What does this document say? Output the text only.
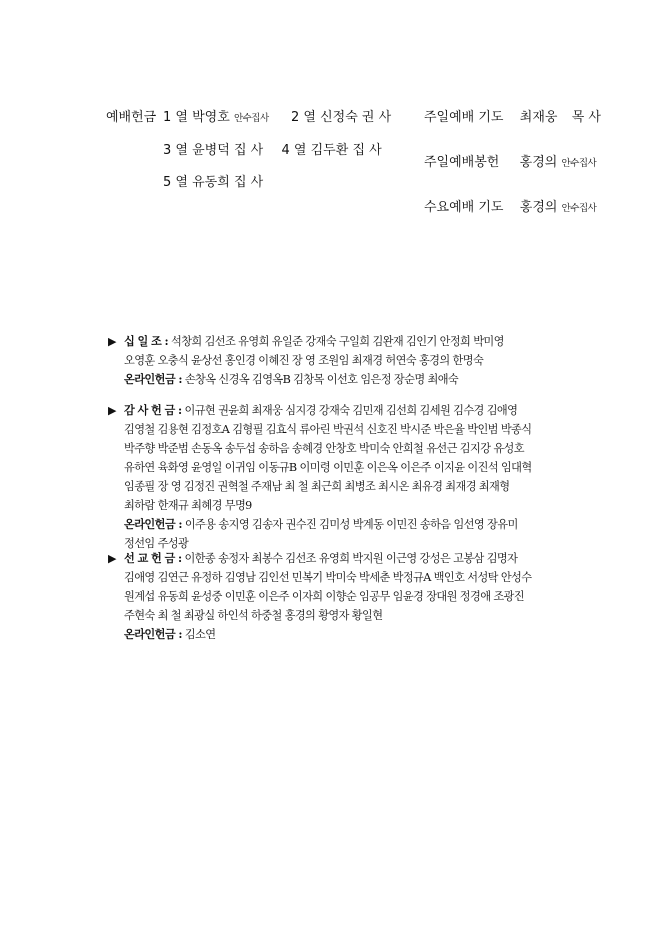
예배헌금 1 열 박영호 안수집사 2 열 신정숙 권 사
3 열 윤병덕 집 사 4 열 김두환 집 사
5 열 유동희 집 사
주일예배 기도 최재웅 목 사
주일예배봉헌 홍경의 안수집사
수요예배 기도 홍경의 안수집사
▶ 십 일 조 : 석창희 김선조 유영희 유일준 강재숙 구일희 김완재 김인기 안정희 박미영
오영훈 오충식 윤상선 홍인경 이혜진 장 영 조원임 최재경 허연숙 홍경의 한명숙
온라인헌금 : 손창옥 신경옥 김영옥B 김창목 이선호 임은정 장순명 최애숙
▶ 감 사 헌 금 : 이규현 권윤희 최재웅 심지경 강재숙 김민재 김선희 김세원 김수경 김애영
김영철 김용현 김정호A 김형필 김효식 류아린 박권석 신호진 박시준 박은율 박인범 박종식
박주향 박준범 손동옥 송두섭 송하음 송혜경 안창호 박미숙 안희철 유선근 김지강 유성호
유하연 육화영 윤영일 이귀임 이동규B 이미령 이민훈 이은옥 이은주 이지윤 이진석 임대혁
임종필 장 영 김정진 권혁철 주재남 최 철 최근희 최병조 최시온 최유경 최재경 최재형
최하람 한재규 최혜경 무명9
온라인헌금 : 이주용 송지영 김송자 권수진 김미성 박계동 이민진 송하음 임선영 장유미
정선임 주성광
▶ 선 교 헌 금 : 이한종 송정자 최봉수 김선조 유영희 박지원 이근영 강성은 고봉삼 김명자
김애영 김연근 유정하 김영남 김인선 민복기 박미숙 박세춘 박정규A 백인호 서성탁 안성수
원계섭 유동희 윤성중 이민훈 이은주 이자희 이향순 임공무 임윤경 장대원 정경애 조광진
주현숙 최 철 최광실 하인석 하중철 홍경의 황영자 황일현
온라인헌금 : 김소연
